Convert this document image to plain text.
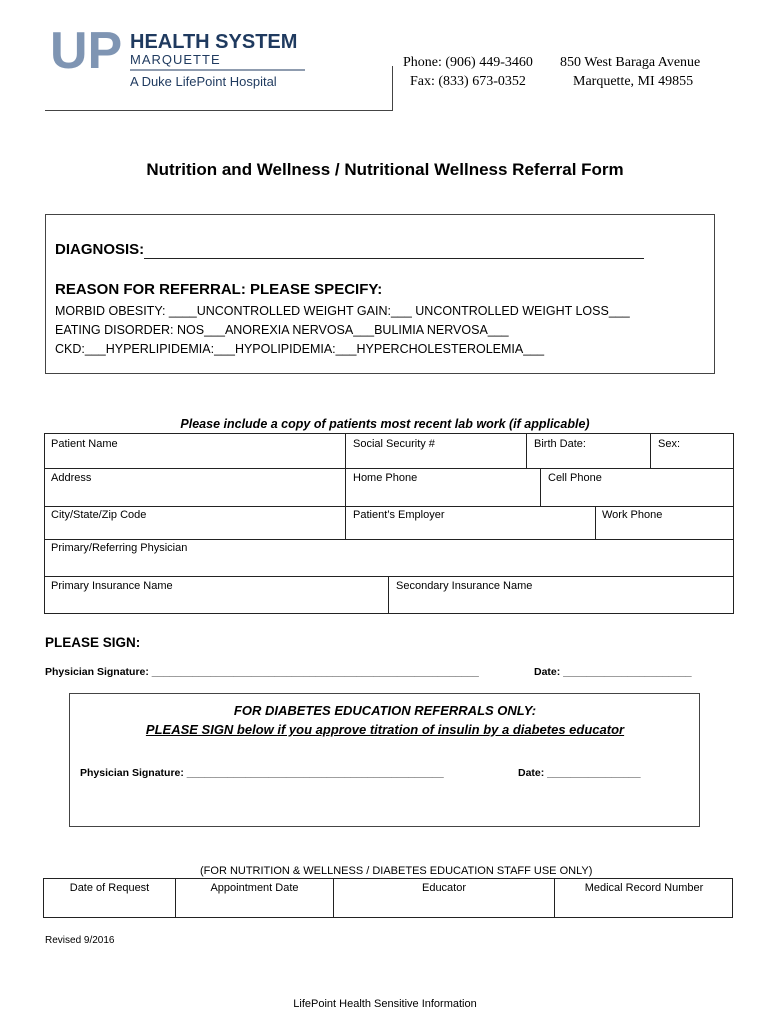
UP HEALTH SYSTEM
MARQUETTE
A Duke LifePoint Hospital
Phone: (906) 449-3460
Fax: (833) 673-0352
850 West Baraga Avenue
Marquette, MI 49855
Nutrition and Wellness / Nutritional Wellness Referral Form
DIAGNOSIS:
REASON FOR REFERRAL: PLEASE SPECIFY:
MORBID OBESITY: ____UNCONTROLLED WEIGHT GAIN:___ UNCONTROLLED WEIGHT LOSS___
EATING DISORDER: NOS___ANOREXIA NERVOSA___BULIMIA NERVOSA___
CKD:___HYPERLIPIDEMIA:___HYPOLIPIDEMIA:___HYPERCHOLESTEROLEMIA___
Please include a copy of patients most recent lab work (if applicable)
Patient Name	Social Security #	Birth Date:	Sex:
Address	Home Phone	Cell Phone
City/State/Zip Code	Patient’s Employer	Work Phone
Primary/Referring Physician
Primary Insurance Name	Secondary Insurance Name
PLEASE SIGN:
Physician Signature: ________________________________________________________	Date: ______________________
FOR DIABETES EDUCATION REFERRALS ONLY:
PLEASE SIGN below if you approve titration of insulin by a diabetes educator
Physician Signature: ____________________________________________	Date: ________________
(FOR NUTRITION & WELLNESS / DIABETES EDUCATION STAFF USE ONLY)
Date of Request	Appointment Date	Educator	Medical Record Number
Revised 9/2016
LifePoint Health Sensitive Information
